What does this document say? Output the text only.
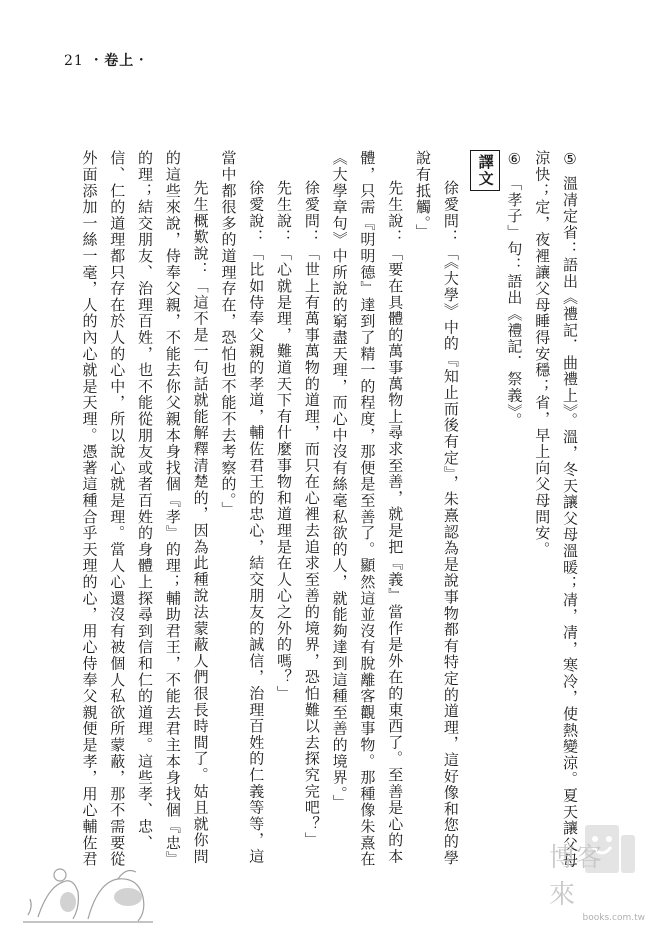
21 ・卷上・

⑤ 溫凊定省：語出《禮記．曲禮上》。溫，冬天讓父母溫暖；凊，凊，寒冷，使熱變涼。夏天讓父母涼快；定，夜裡讓父母睡得安穩；省，早上向父母問安。

⑥ 「孝子」句：語出《禮記．祭義》。

譯文

徐愛問：「《大學》中的『知止而後有定』，朱熹認為是說事物都有特定的道理，這好像和您的學說有抵觸。」

先生說：「要在具體的萬事萬物上尋求至善，就是把『義』當作是外在的東西了。至善是心的本體，只需『明明德』達到了精一的程度，那便是至善了。顯然這並沒有脫離客觀事物。那種像朱熹在《大學章句》中所說的窮盡天理，而心中沒有絲毫私欲的人，就能夠達到這種至善的境界。」

徐愛問：「世上有萬事萬物的道理，而只在心裡去追求至善的境界，恐怕難以去探究完吧？」

先生說：「心就是理，難道天下有什麼事物和道理是在人心之外的嗎？」

徐愛說：「比如侍奉父親的孝道，輔佐君王的忠心，結交朋友的誠信，治理百姓的仁義等等，這當中都很多的道理存在，恐怕也不能不去考察的。」

先生概歎說：「這不是一句話就能解釋清楚的，因為此種說法蒙蔽人們很長時間了。姑且就你問的這些來說，侍奉父親，不能去你父親本身找個『孝』的理；輔助君王，不能去君主本身找個『忠』的理；結交朋友、治理百姓，也不能從朋友或者百姓的身體上探尋到信和仁的道理。這些孝、忠、信、仁的道理都只存在於人的心中，所以說心就是理。當人心還沒有被個人私欲所蒙蔽，那不需要從外面添加一絲一毫，人的內心就是天理。憑著這種合乎天理的心，用心侍奉父親便是孝，用心輔佐君	博客來
books.com.tw
